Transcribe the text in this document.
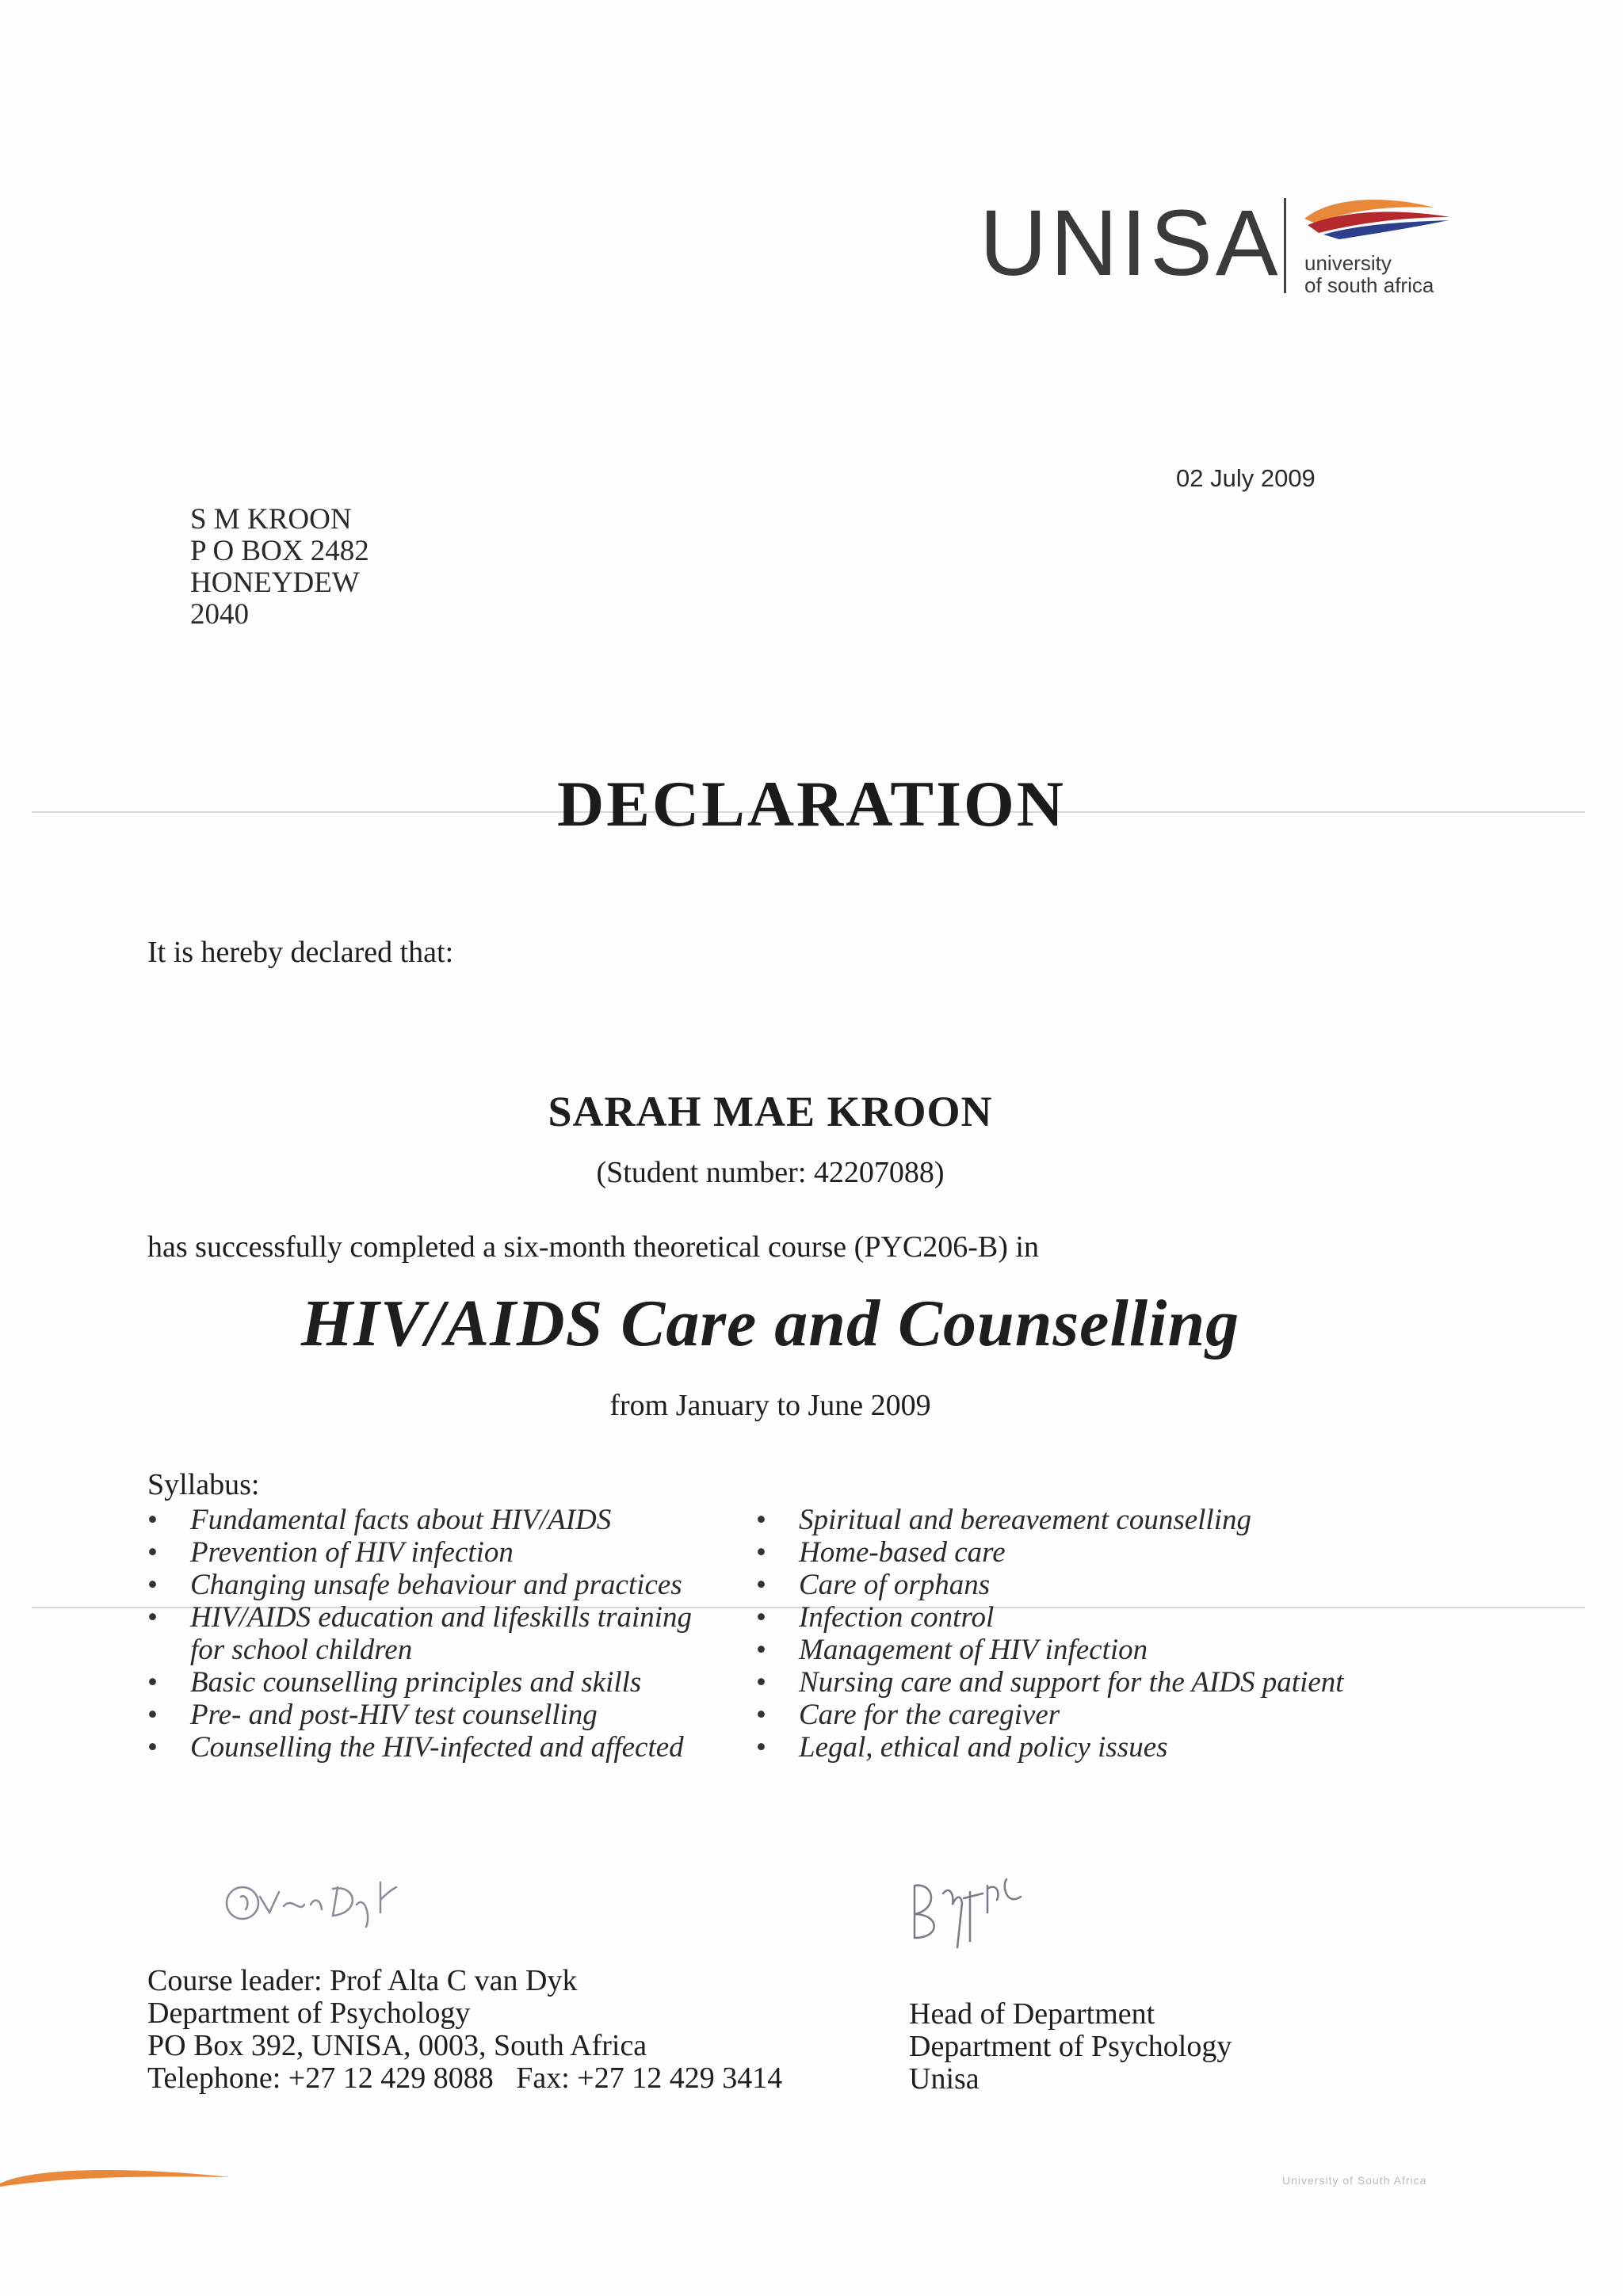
UNISA university
of south africa
02 July 2009
S M KROON
P O BOX 2482
HONEYDEW
2040
DECLARATION
It is hereby declared that:
SARAH MAE KROON
(Student number: 42207088)
has successfully completed a six-month theoretical course (PYC206-B) in
HIV/AIDS Care and Counselling
from January to June 2009
Syllabus:
• Fundamental facts about HIV/AIDS
• Prevention of HIV infection
• Changing unsafe behaviour and practices
• HIV/AIDS education and lifeskills training for school children
• Basic counselling principles and skills
• Pre- and post-HIV test counselling
• Counselling the HIV-infected and affected
• Spiritual and bereavement counselling
• Home-based care
• Care of orphans
• Infection control
• Management of HIV infection
• Nursing care and support for the AIDS patient
• Care for the caregiver
• Legal, ethical and policy issues
Course leader: Prof Alta C van Dyk
Department of Psychology
PO Box 392, UNISA, 0003, South Africa
Telephone: +27 12 429 8088   Fax: +27 12 429 3414
Head of Department
Department of Psychology
Unisa
University of South Africa
